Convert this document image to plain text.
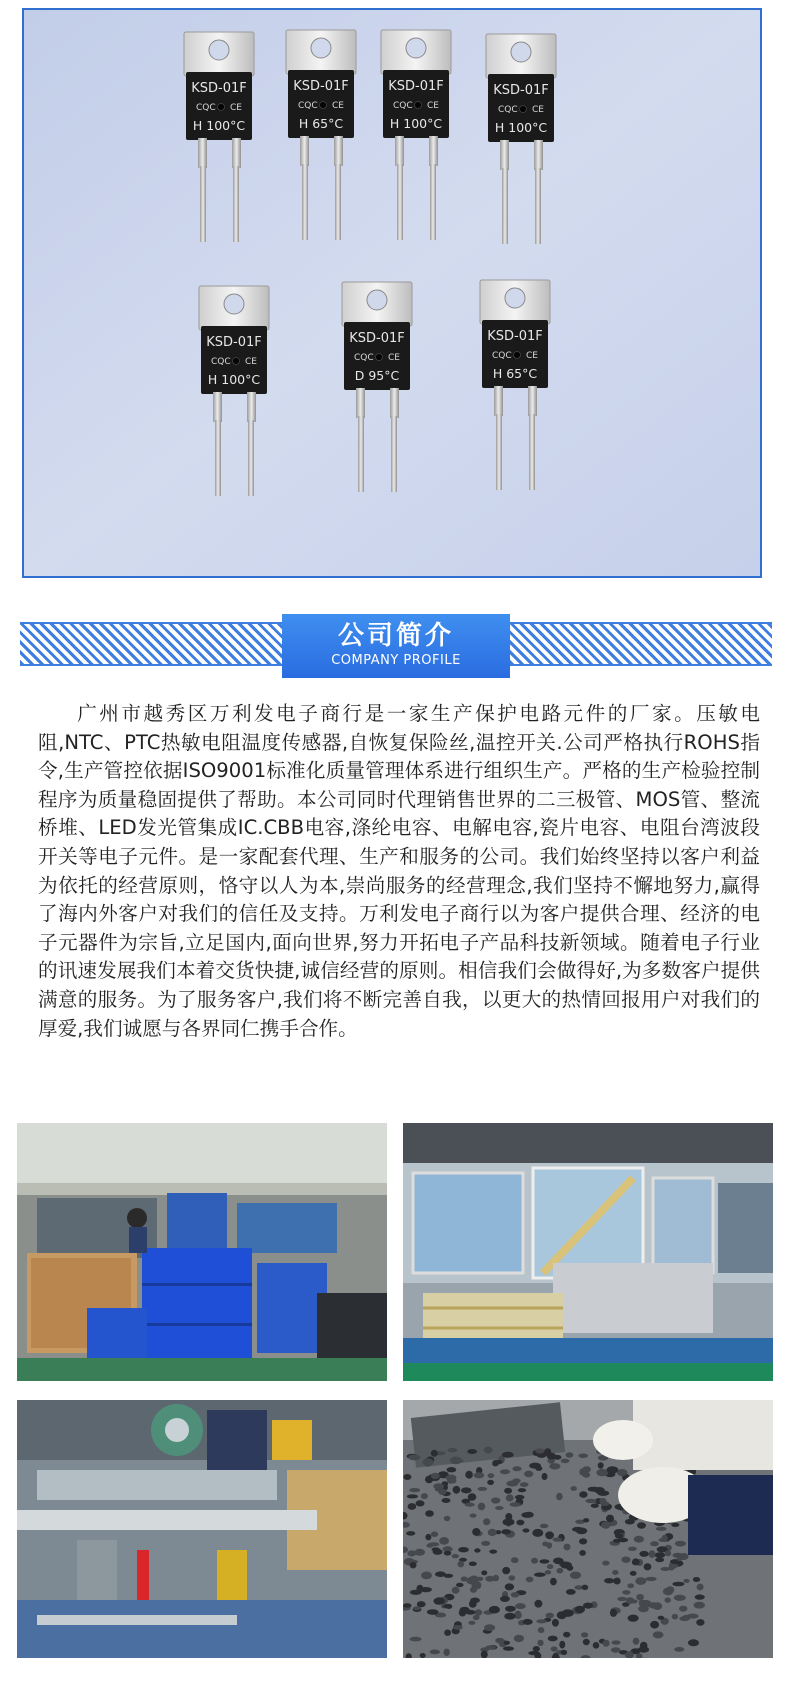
KSD-01F
CQC CE
H 100°C
KSD-01F
CQC CE
H 65°C
KSD-01F
CQC CE
H 100°C
KSD-01F
CQC CE
H 100°C
KSD-01F
CQC CE
H 100°C
KSD-01F
CQC CE
D 95°C
KSD-01F
CQC CE
H 65°C
公司简介
COMPANY PROFILE

广州市越秀区万利发电子商行是一家生产保护电路元件的厂家。压敏电阻,NTC、PTC热敏电阻温度传感器,自恢复保险丝,温控开关.公司严格执行ROHS指令,生产管控依据ISO9001标准化质量管理体系进行组织生产。严格的生产检验控制程序为质量稳固提供了帮助。本公司同时代理销售世界的二三极管、MOS管、整流桥堆、LED发光管集成IC.CBB电容,涤纶电容、电解电容,瓷片电容、电阻台湾波段开关等电子元件。是一家配套代理、生产和服务的公司。我们始终坚持以客户利益为依托的经营原则，恪守以人为本,崇尚服务的经营理念,我们坚持不懈地努力,赢得了海内外客户对我们的信任及支持。万利发电子商行以为客户提供合理、经济的电子元器件为宗旨,立足国内,面向世界,努力开拓电子产品科技新领域。随着电子行业的讯速发展我们本着交货快捷,诚信经营的原则。相信我们会做得好,为多数客户提供满意的服务。为了服务客户,我们将不断完善自我，以更大的热情回报用户对我们的厚爱,我们诚愿与各界同仁携手合作。
